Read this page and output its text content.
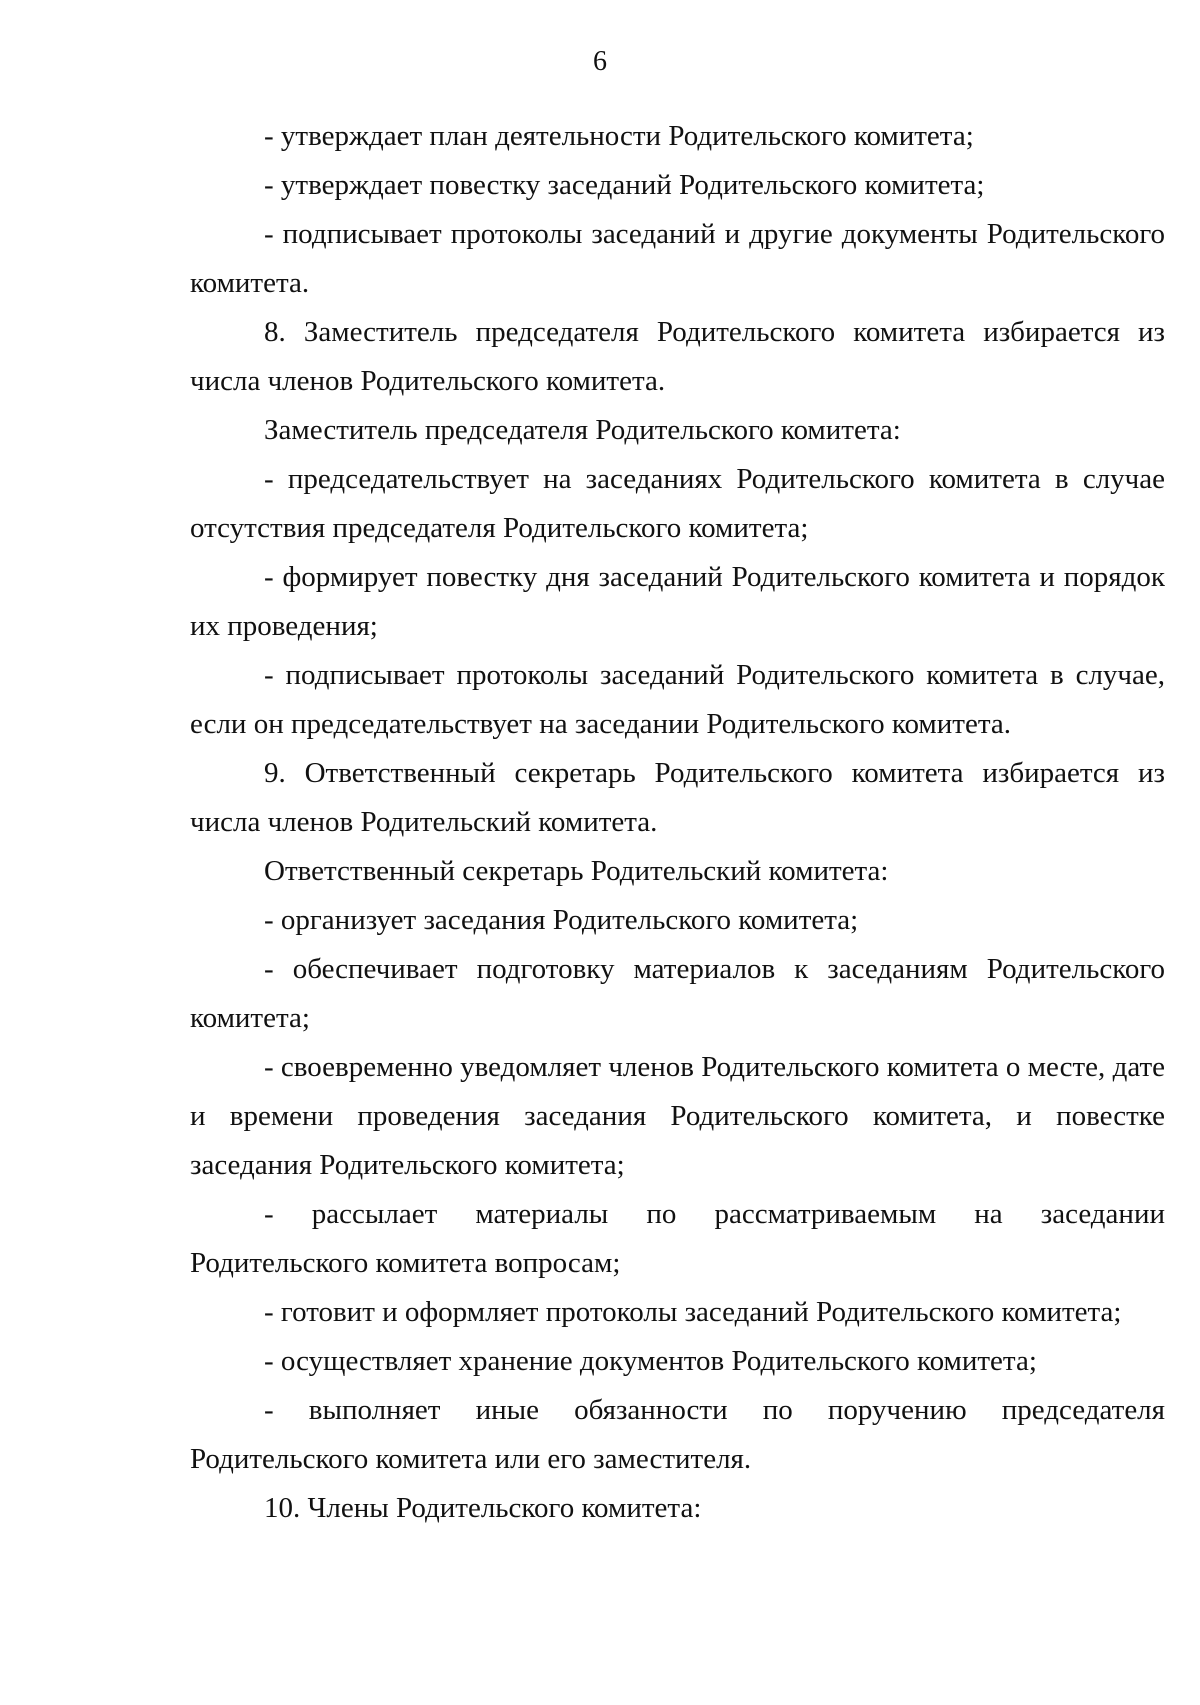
6

- утверждает план деятельности Родительского комитета;

- утверждает повестку заседаний Родительского комитета;

- подписывает протоколы заседаний и другие документы Родительского комитета.

8. Заместитель председателя Родительского комитета избирается из числа членов Родительского комитета.

Заместитель председателя Родительского комитета:

- председательствует на заседаниях Родительского комитета в случае отсутствия председателя Родительского комитета;

- формирует повестку дня заседаний Родительского комитета и порядок их проведения;

- подписывает протоколы заседаний Родительского комитета в случае, если он председательствует на заседании Родительского комитета.

9. Ответственный секретарь Родительского комитета избирается из числа членов Родительский комитета.

Ответственный секретарь Родительский комитета:

- организует заседания Родительского комитета;

- обеспечивает подготовку материалов к заседаниям Родительского комитета;

- своевременно уведомляет членов Родительского комитета о месте, дате и времени проведения заседания Родительского комитета, и повестке заседания Родительского комитета;

- рассылает материалы по рассматриваемым на заседании Родительского комитета вопросам;

- готовит и оформляет протоколы заседаний Родительского комитета;

- осуществляет хранение документов Родительского комитета;

- выполняет иные обязанности по поручению председателя Родительского комитета или его заместителя.

10. Члены Родительского комитета:
